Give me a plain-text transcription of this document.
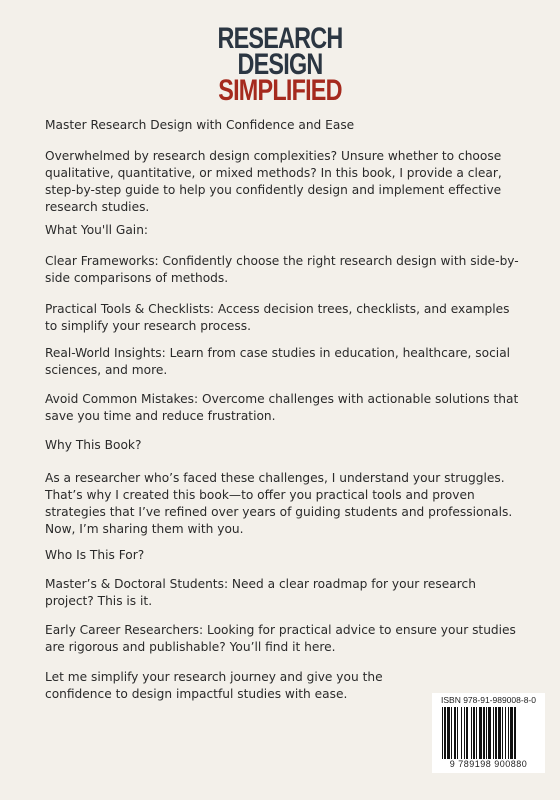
RESEARCH
DESIGN
SIMPLIFIED

Master Research Design with Confidence and Ease

Overwhelmed by research design complexities? Unsure whether to choose qualitative, quantitative, or mixed methods? In this book, I provide a clear, step-by-step guide to help you confidently design and implement effective research studies.

What You'll Gain:

Clear Frameworks: Confidently choose the right research design with side-by-side comparisons of methods.

Practical Tools & Checklists: Access decision trees, checklists, and examples to simplify your research process.

Real-World Insights: Learn from case studies in education, healthcare, social sciences, and more.

Avoid Common Mistakes: Overcome challenges with actionable solutions that save you time and reduce frustration.

Why This Book?

As a researcher who’s faced these challenges, I understand your struggles. That’s why I created this book—to offer you practical tools and proven strategies that I’ve refined over years of guiding students and professionals. Now, I’m sharing them with you.

Who Is This For?

Master’s & Doctoral Students: Need a clear roadmap for your research project? This is it.

Early Career Researchers: Looking for practical advice to ensure your studies are rigorous and publishable? You’ll find it here.

Let me simplify your research journey and give you the confidence to design impactful studies with ease.	ISBN 978-91-989008-8-0
9 789198 900880
